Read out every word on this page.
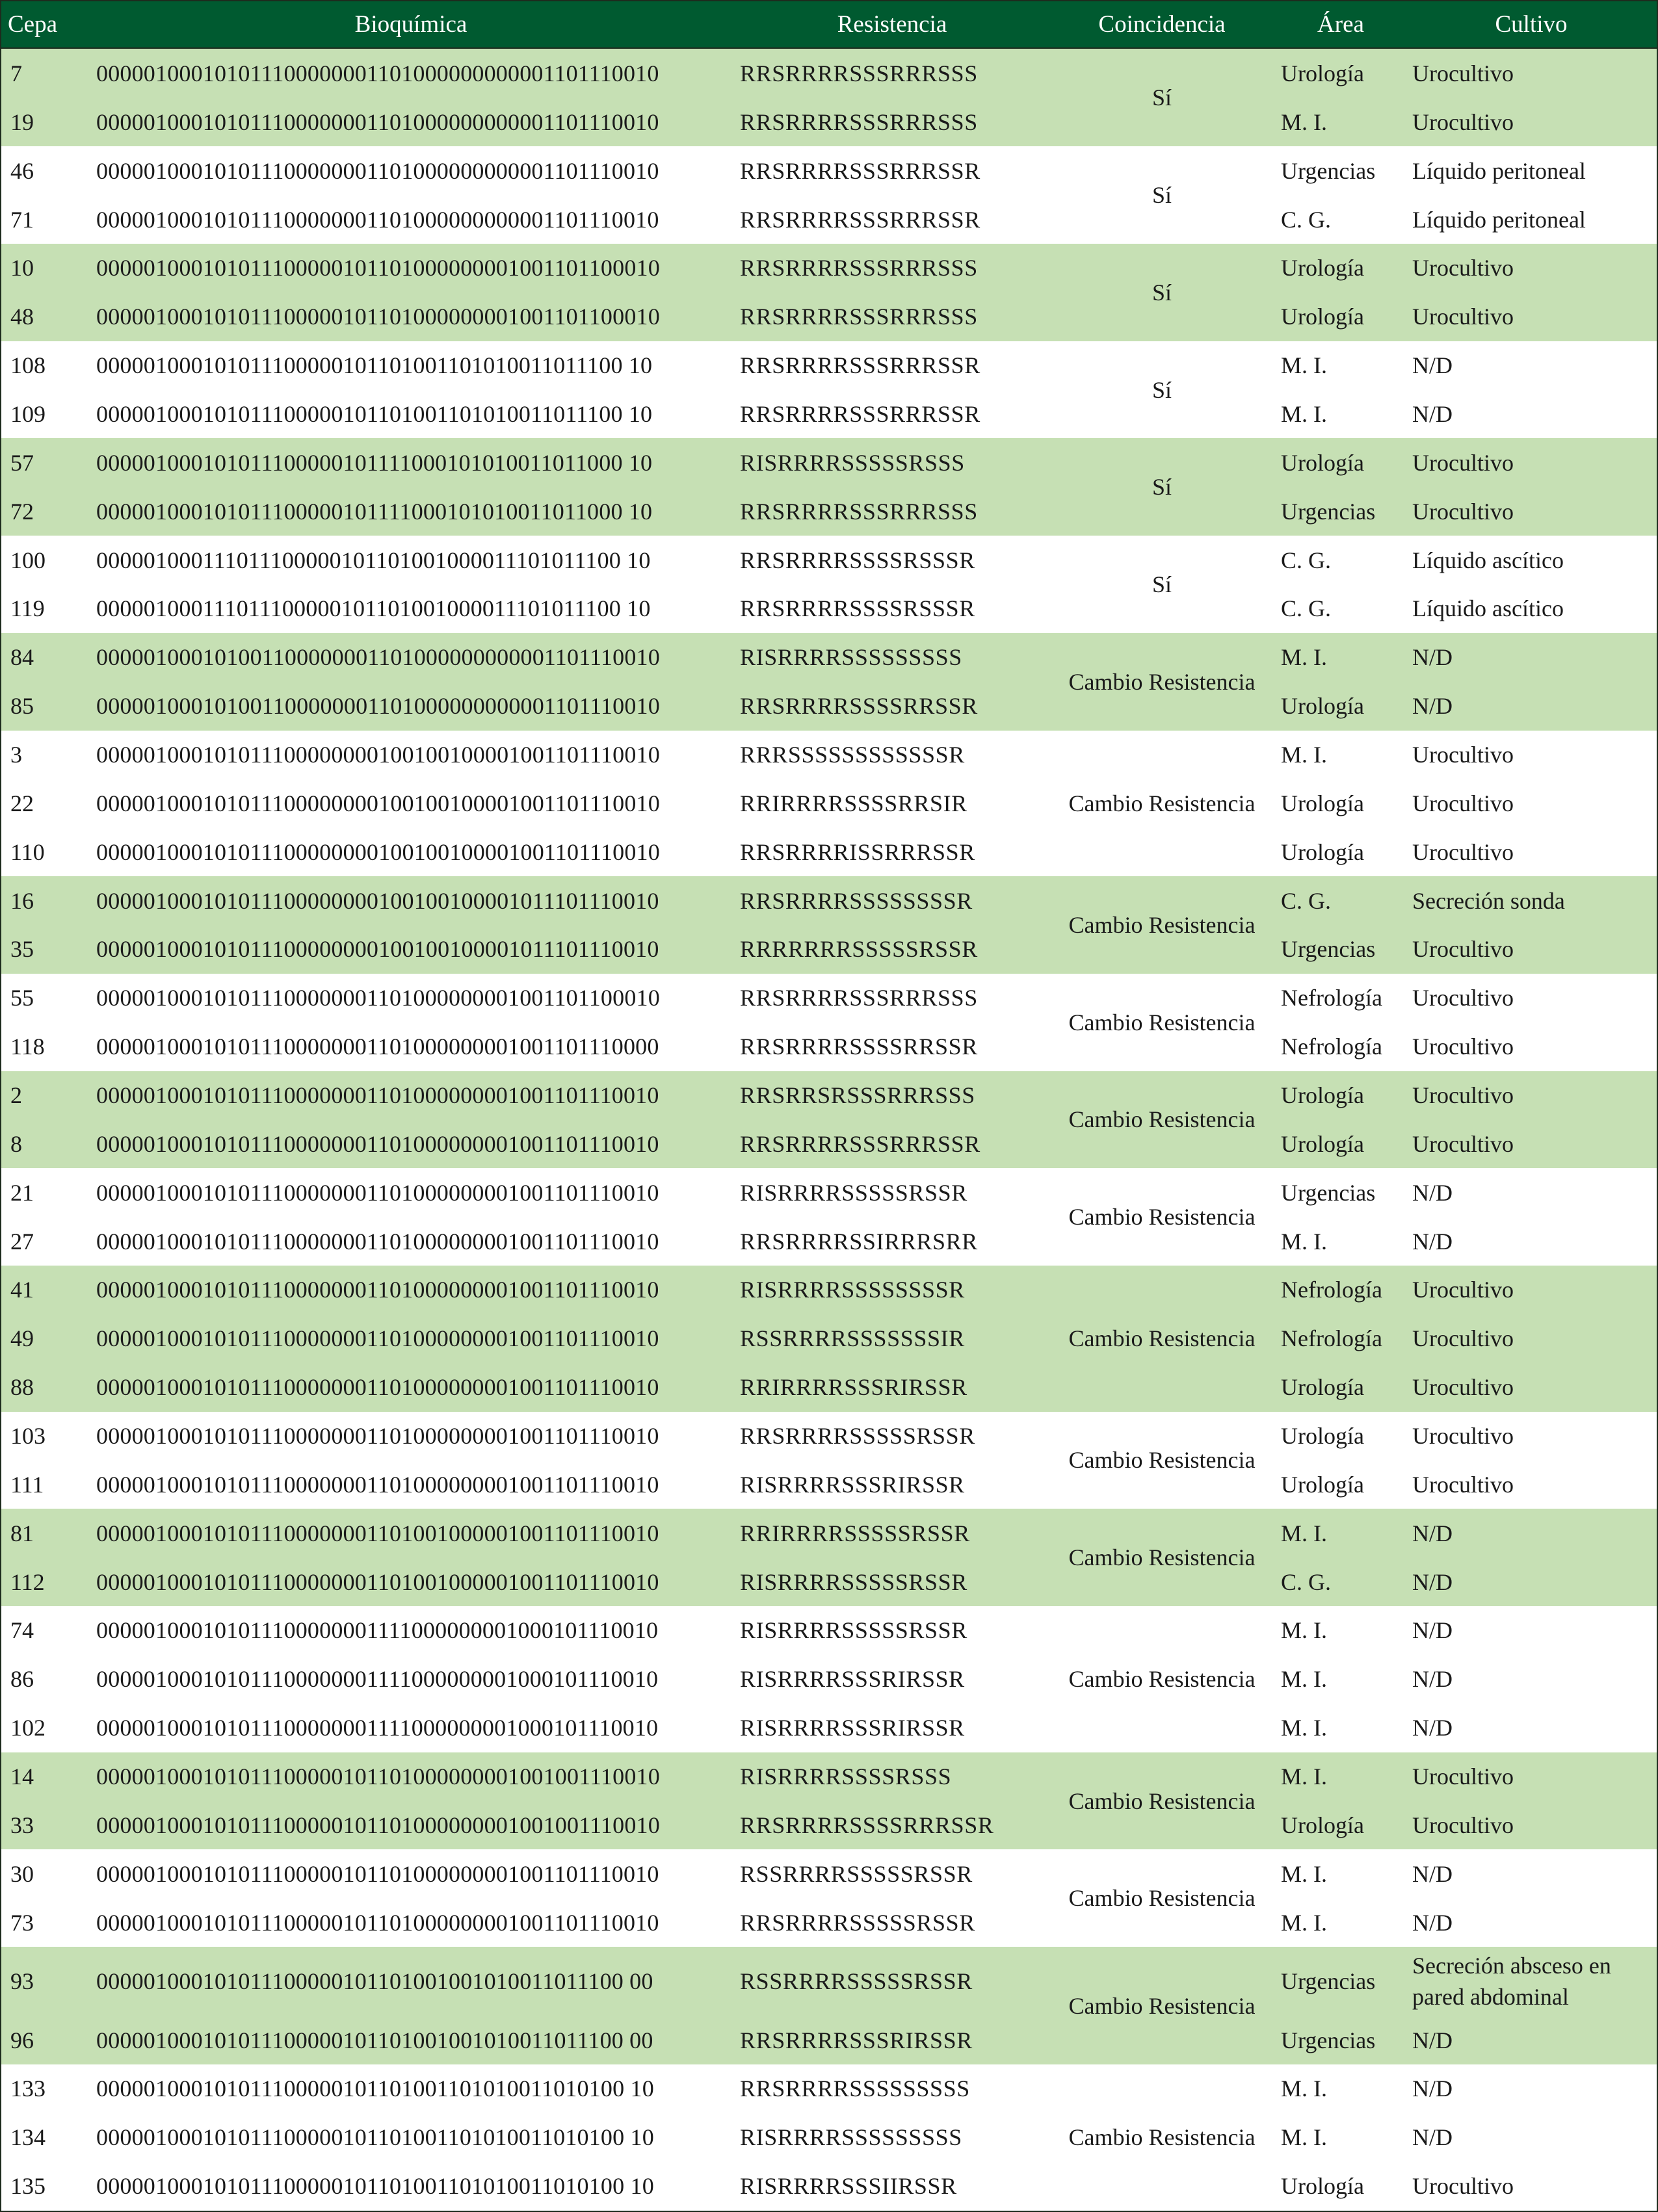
Cepa	Bioquímica	Resistencia	Coincidencia	Área	Cultivo
7	000001000101011100000001101000000000001101110010	RRSRRRRSSSRRRSSS	Sí	Urología	Urocultivo
19	000001000101011100000001101000000000001101110010	RRSRRRRSSSRRRSSS		M. I.	Urocultivo
46	000001000101011100000001101000000000001101110010	RRSRRRRSSSRRRSSR	Sí	Urgencias	Líquido peritoneal
71	000001000101011100000001101000000000001101110010	RRSRRRRSSSRRRSSR		C. G.	Líquido peritoneal
10	000001000101011100000101101000000001001101100010	RRSRRRRSSSRRRSSS	Sí	Urología	Urocultivo
48	000001000101011100000101101000000001001101100010	RRSRRRRSSSRRRSSS		Urología	Urocultivo
108	000001000101011100000101101001101010011011100 10	RRSRRRRSSSRRRSSR	Sí	M. I.	N/D
109	000001000101011100000101101001101010011011100 10	RRSRRRRSSSRRRSSR		M. I.	N/D
57	000001000101011100000101111000101010011011000 10	RISRRRRSSSSSRSSS	Sí	Urología	Urocultivo
72	000001000101011100000101111000101010011011000 10	RRSRRRRSSSRRRSSS		Urgencias	Urocultivo
100	000001000111011100000101101001000011101011100 10	RRSRRRRSSSSRSSSR	Sí	C. G.	Líquido ascítico
119	000001000111011100000101101001000011101011100 10	RRSRRRRSSSSRSSSR		C. G.	Líquido ascítico
84	000001000101001100000001101000000000001101110010	RISRRRRSSSSSSSSS	Cambio Resistencia	M. I.	N/D
85	000001000101001100000001101000000000001101110010	RRSRRRRSSSSRRSSR		Urología	N/D
3	000001000101011100000000100100100001001101110010	RRRSSSSSSSSSSSSR	Cambio Resistencia	M. I.	Urocultivo
22	000001000101011100000000100100100001001101110010	RRIRRRRSSSSRRSIR		Urología	Urocultivo
110	000001000101011100000000100100100001001101110010	RRSRRRRISSRRRSSR		Urología	Urocultivo
16	000001000101011100000000100100100001011101110010	RRSRRRRSSSSSSSSR	Cambio Resistencia	C. G.	Secreción sonda
35	000001000101011100000000100100100001011101110010	RRRRRRRSSSSSRSSR		Urgencias	Urocultivo
55	000001000101011100000001101000000001001101100010	RRSRRRRSSSRRRSSS	Cambio Resistencia	Nefrología	Urocultivo
118	000001000101011100000001101000000001001101110000	RRSRRRRSSSSRRSSR		Nefrología	Urocultivo
2	000001000101011100000001101000000001001101110010	RRSRRSRSSSRRRSSS	Cambio Resistencia	Urología	Urocultivo
8	000001000101011100000001101000000001001101110010	RRSRRRRSSSRRRSSR		Urología	Urocultivo
21	000001000101011100000001101000000001001101110010	RISRRRRSSSSSRSSR	Cambio Resistencia	Urgencias	N/D
27	000001000101011100000001101000000001001101110010	RRSRRRRSSIRRRSRR		M. I.	N/D
41	000001000101011100000001101000000001001101110010	RISRRRRSSSSSSSSR	Cambio Resistencia	Nefrología	Urocultivo
49	000001000101011100000001101000000001001101110010	RSSRRRRSSSSSSSIR		Nefrología	Urocultivo
88	000001000101011100000001101000000001001101110010	RRIRRRRSSSRIRSSR		Urología	Urocultivo
103	000001000101011100000001101000000001001101110010	RRSRRRRSSSSSRSSR	Cambio Resistencia	Urología	Urocultivo
111	000001000101011100000001101000000001001101110010	RISRRRRSSSRIRSSR		Urología	Urocultivo
81	000001000101011100000001101001000001001101110010	RRIRRRRSSSSSRSSR	Cambio Resistencia	M. I.	N/D
112	000001000101011100000001101001000001001101110010	RISRRRRSSSSSRSSR		C. G.	N/D
74	000001000101011100000001111000000001000101110010	RISRRRRSSSSSRSSR	Cambio Resistencia	M. I.	N/D
86	000001000101011100000001111000000001000101110010	RISRRRRSSSRIRSSR		M. I.	N/D
102	000001000101011100000001111000000001000101110010	RISRRRRSSSRIRSSR		M. I.	N/D
14	000001000101011100000101101000000001001001110010	RISRRRRSSSSRSSS	Cambio Resistencia	M. I.	Urocultivo
33	000001000101011100000101101000000001001001110010	RRSRRRRSSSSRRRSSR		Urología	Urocultivo
30	000001000101011100000101101000000001001101110010	RSSRRRRSSSSSRSSR	Cambio Resistencia	M. I.	N/D
73	000001000101011100000101101000000001001101110010	RRSRRRRSSSSSRSSR		M. I.	N/D
93	000001000101011100000101101001001010011011100 00	RSSRRRRSSSSSRSSR	Cambio Resistencia	Urgencias	Secreción absceso en pared abdominal
96	000001000101011100000101101001001010011011100 00	RRSRRRRSSSRIRSSR		Urgencias	N/D
133	000001000101011100000101101001101010011010100 10	RRSRRRRSSSSSSSSS	Cambio Resistencia	M. I.	N/D
134	000001000101011100000101101001101010011010100 10	RISRRRRSSSSSSSSS		M. I.	N/D
135	000001000101011100000101101001101010011010100 10	RISRRRRSSSIIRSSR		Urología	Urocultivo
